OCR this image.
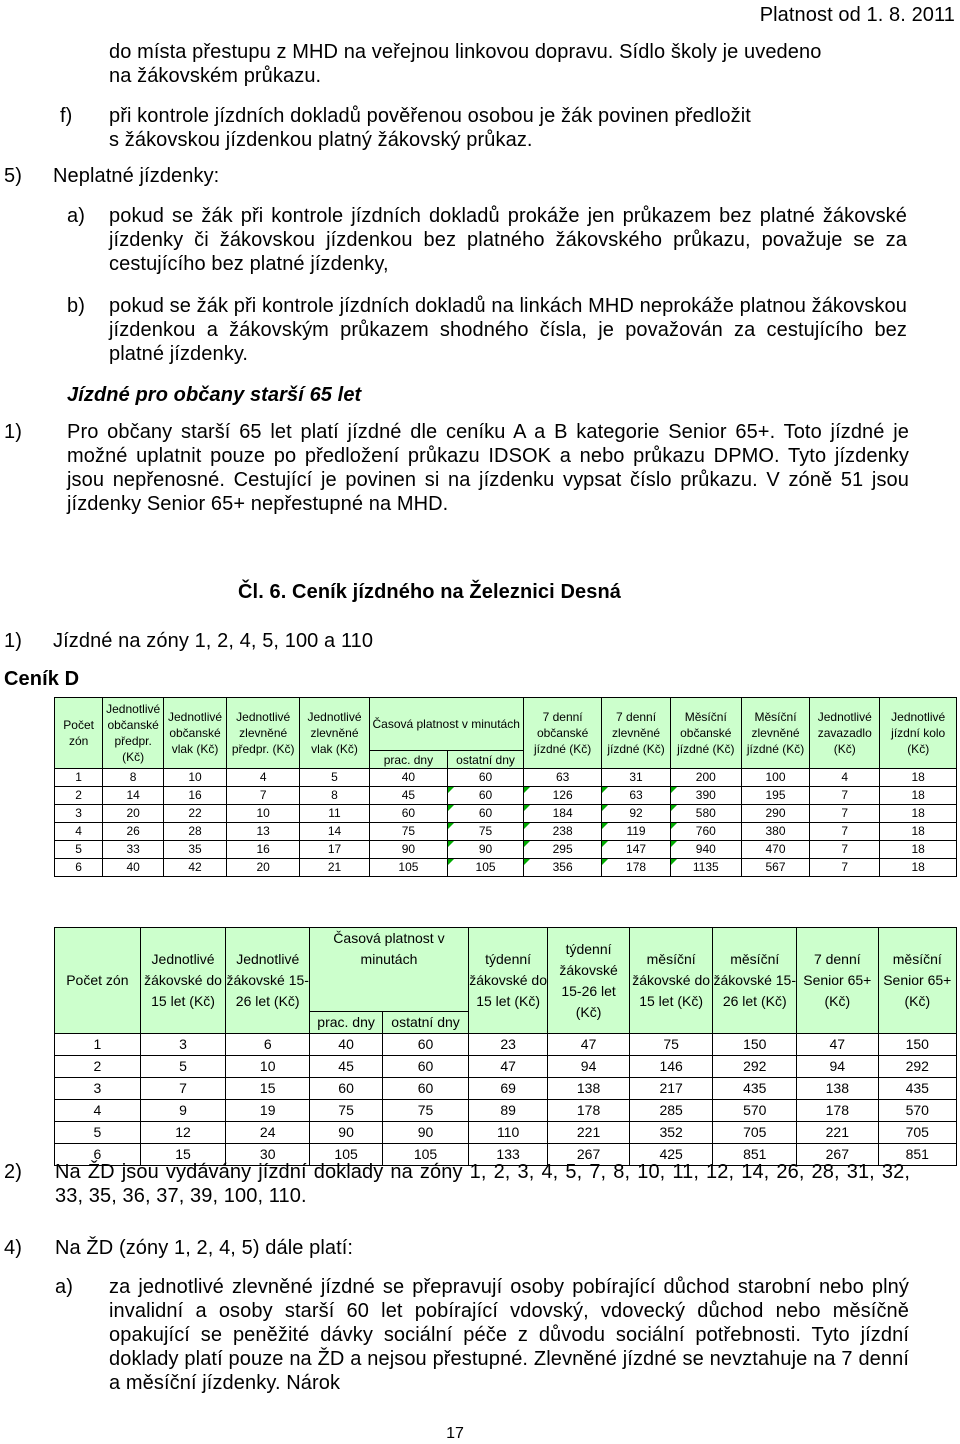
Platnost od 1. 8. 2011
do místa přestupu z MHD na veřejnou linkovou dopravu. Sídlo školy je uvedeno
na žákovském průkazu.
f) při kontrole jízdních dokladů pověřenou osobou je žák povinen předložit
s žákovskou jízdenkou platný žákovský průkaz.
5) Neplatné jízdenky:
a) pokud se žák při kontrole jízdních dokladů prokáže jen průkazem bez platné žákovské jízdenky či žákovskou jízdenkou bez platného žákovského průkazu, považuje se za cestujícího bez platné jízdenky,
b) pokud se žák při kontrole jízdních dokladů na linkách MHD neprokáže platnou žákovskou jízdenkou a žákovským průkazem shodného čísla, je považován za cestujícího bez platné jízdenky.
Jízdné pro občany starší 65 let
1) Pro občany starší 65 let platí jízdné dle ceníku A a B kategorie Senior 65+. Toto jízdné je možné uplatnit pouze po předložení průkazu IDSOK a nebo průkazu DPMO. Tyto jízdenky jsou nepřenosné. Cestující je povinen si na jízdenku vypsat číslo průkazu. V zóně 51 jsou jízdenky Senior 65+ nepřestupné na MHD.
Čl. 6. Ceník jízdného na Železnici Desná
1) Jízdné na zóny 1, 2, 4, 5, 100 a 110
Ceník D
Počet zón	Jednotlivé občanské předpr. (Kč)	Jednotlivé občanské vlak (Kč)	Jednotlivé zlevněné předpr. (Kč)	Jednotlivé zlevněné vlak (Kč)	Časová platnost v minutách		7 denní občanské jízdné (Kč)	7 denní zlevněné jízdné (Kč)	Měsíční občanské jízdné (Kč)	Měsíční zlevněné jízdné (Kč)	Jednotlivé zavazadlo (Kč)	Jednotlivé jízdní kolo (Kč)
					prac. dny	ostatní dny						
1	8	10	4	5	40	60	63	31	200	100	4	18
2	14	16	7	8	45	60	126	63	390	195	7	18
3	20	22	10	11	60	60	184	92	580	290	7	18
4	26	28	13	14	75	75	238	119	760	380	7	18
5	33	35	16	17	90	90	295	147	940	470	7	18
6	40	42	20	21	105	105	356	178	1135	567	7	18
Počet zón	Jednotlivé žákovské do 15 let (Kč)	Jednotlivé žákovské 15-26 let (Kč)	Časová platnost v minutách		týdenní žákovské do 15 let (Kč)	týdenní žákovské 15-26 let (Kč)	měsíční žákovské do 15 let (Kč)	měsíční žákovské 15-26 let (Kč)	7 denní Senior 65+ (Kč)	měsíční Senior 65+ (Kč)
			prac. dny	ostatní dny						
1	3	6	40	60	23	47	75	150	47	150
2	5	10	45	60	47	94	146	292	94	292
3	7	15	60	60	69	138	217	435	138	435
4	9	19	75	75	89	178	285	570	178	570
5	12	24	90	90	110	221	352	705	221	705
6	15	30	105	105	133	267	425	851	267	851
2) Na ŽD jsou vydávány jízdní doklady na zóny 1, 2, 3, 4, 5, 7, 8, 10, 11, 12, 14, 26, 28, 31, 32, 33, 35, 36, 37, 39, 100, 110.
4) Na ŽD (zóny 1, 2, 4, 5) dále platí:
a) za jednotlivé zlevněné jízdné se přepravují osoby pobírající důchod starobní nebo plný invalidní a osoby starší 60 let pobírající vdovský, vdovecký důchod nebo měsíčně opakující se peněžité dávky sociální péče z důvodu sociální potřebnosti. Tyto jízdní doklady platí pouze na ŽD a nejsou přestupné. Zlevněné jízdné se nevztahuje na 7 denní a měsíční jízdenky. Nárok
17
